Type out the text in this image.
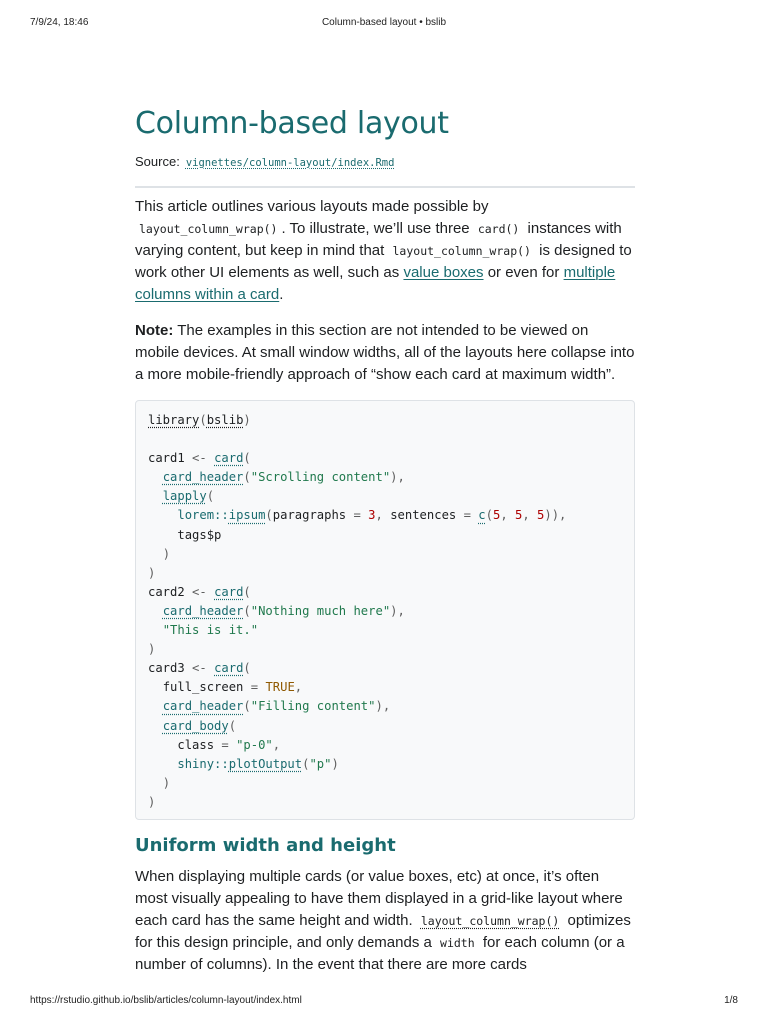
7/9/24, 18:46	Column-based layout • bslib
Column-based layout
Source: vignettes/column-layout/index.Rmd

This article outlines various layouts made possible by
layout_column_wrap() . To illustrate, we’ll use three card() instances with varying content, but keep in mind that layout_column_wrap() is designed to work other UI elements as well, such as value boxes or even for multiple columns within a card.

Note: The examples in this section are not intended to be viewed on mobile devices. At small window widths, all of the layouts here collapse into a more mobile-friendly approach of “show each card at maximum width”.

library(bslib)

card1 <- card(
card_header("Scrolling content"),
lapply(
lorem::ipsum(paragraphs = 3, sentences = c(5, 5, 5)),
tags$p
)
)
card2 <- card(
card_header("Nothing much here"),
"This is it."
)
card3 <- card(
full_screen = TRUE,
card_header("Filling content"),
card_body(
class = "p-0",
shiny::plotOutput("p")
)
)
Uniform width and height

When displaying multiple cards (or value boxes, etc) at once, it’s often most visually appealing to have them displayed in a grid-like layout where each card has the same height and width. layout_column_wrap() optimizes for this design principle, and only demands a width for each column (or a number of columns). In the event that there are more cards

https://rstudio.github.io/bslib/articles/column-layout/index.html	1/8
